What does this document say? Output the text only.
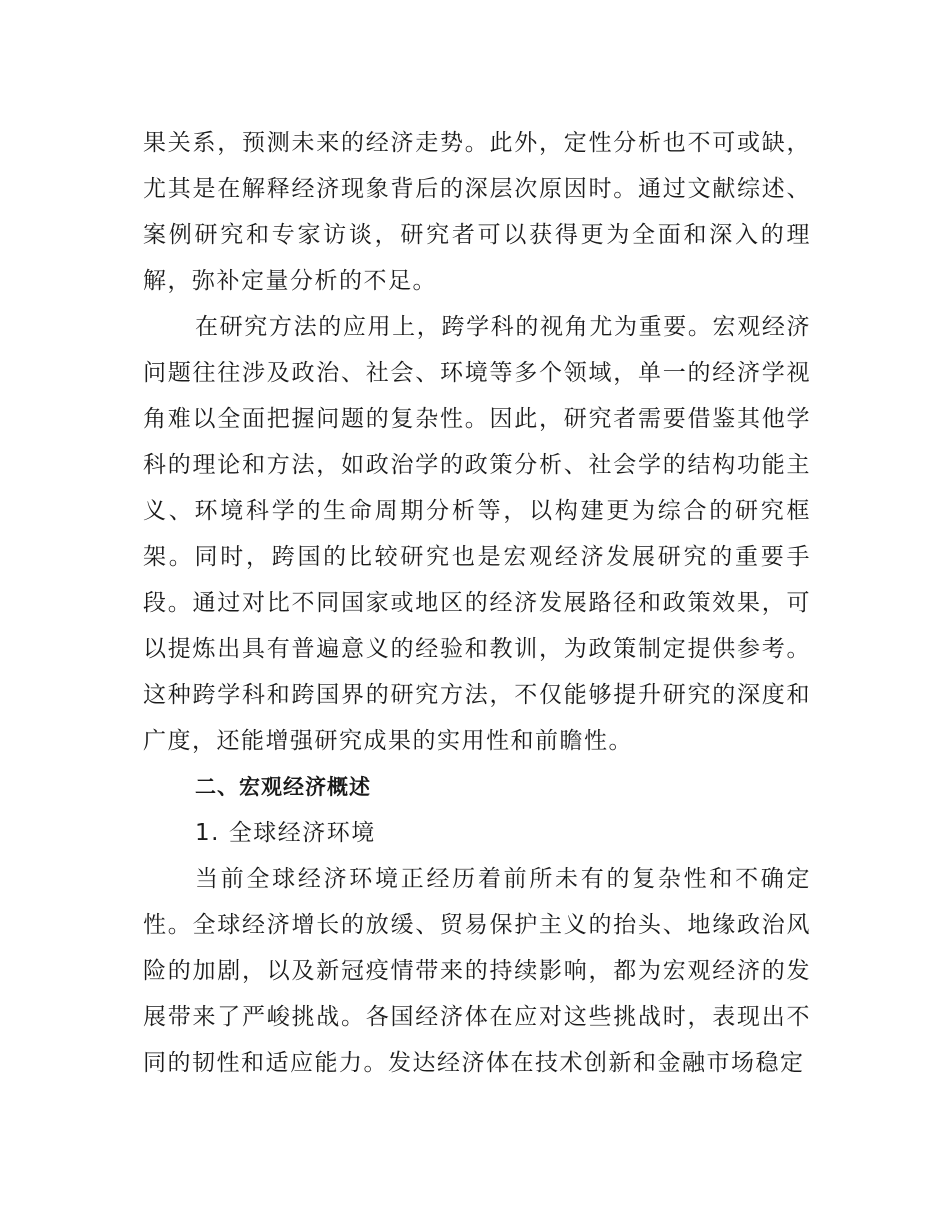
果关系，预测未来的经济走势。此外，定性分析也不可或缺，尤其是在解释经济现象背后的深层次原因时。通过文献综述、案例研究和专家访谈，研究者可以获得更为全面和深入的理解，弥补定量分析的不足。

在研究方法的应用上，跨学科的视角尤为重要。宏观经济问题往往涉及政治、社会、环境等多个领域，单一的经济学视角难以全面把握问题的复杂性。因此，研究者需要借鉴其他学科的理论和方法，如政治学的政策分析、社会学的结构功能主义、环境科学的生命周期分析等，以构建更为综合的研究框架。同时，跨国的比较研究也是宏观经济发展研究的重要手段。通过对比不同国家或地区的经济发展路径和政策效果，可以提炼出具有普遍意义的经验和教训，为政策制定提供参考。这种跨学科和跨国界的研究方法，不仅能够提升研究的深度和广度，还能增强研究成果的实用性和前瞻性。

二、宏观经济概述

1. 全球经济环境

当前全球经济环境正经历着前所未有的复杂性和不确定性。全球经济增长的放缓、贸易保护主义的抬头、地缘政治风险的加剧，以及新冠疫情带来的持续影响，都为宏观经济的发展带来了严峻挑战。各国经济体在应对这些挑战时，表现出不同的韧性和适应能力。发达经济体在技术创新和金融市场稳定
